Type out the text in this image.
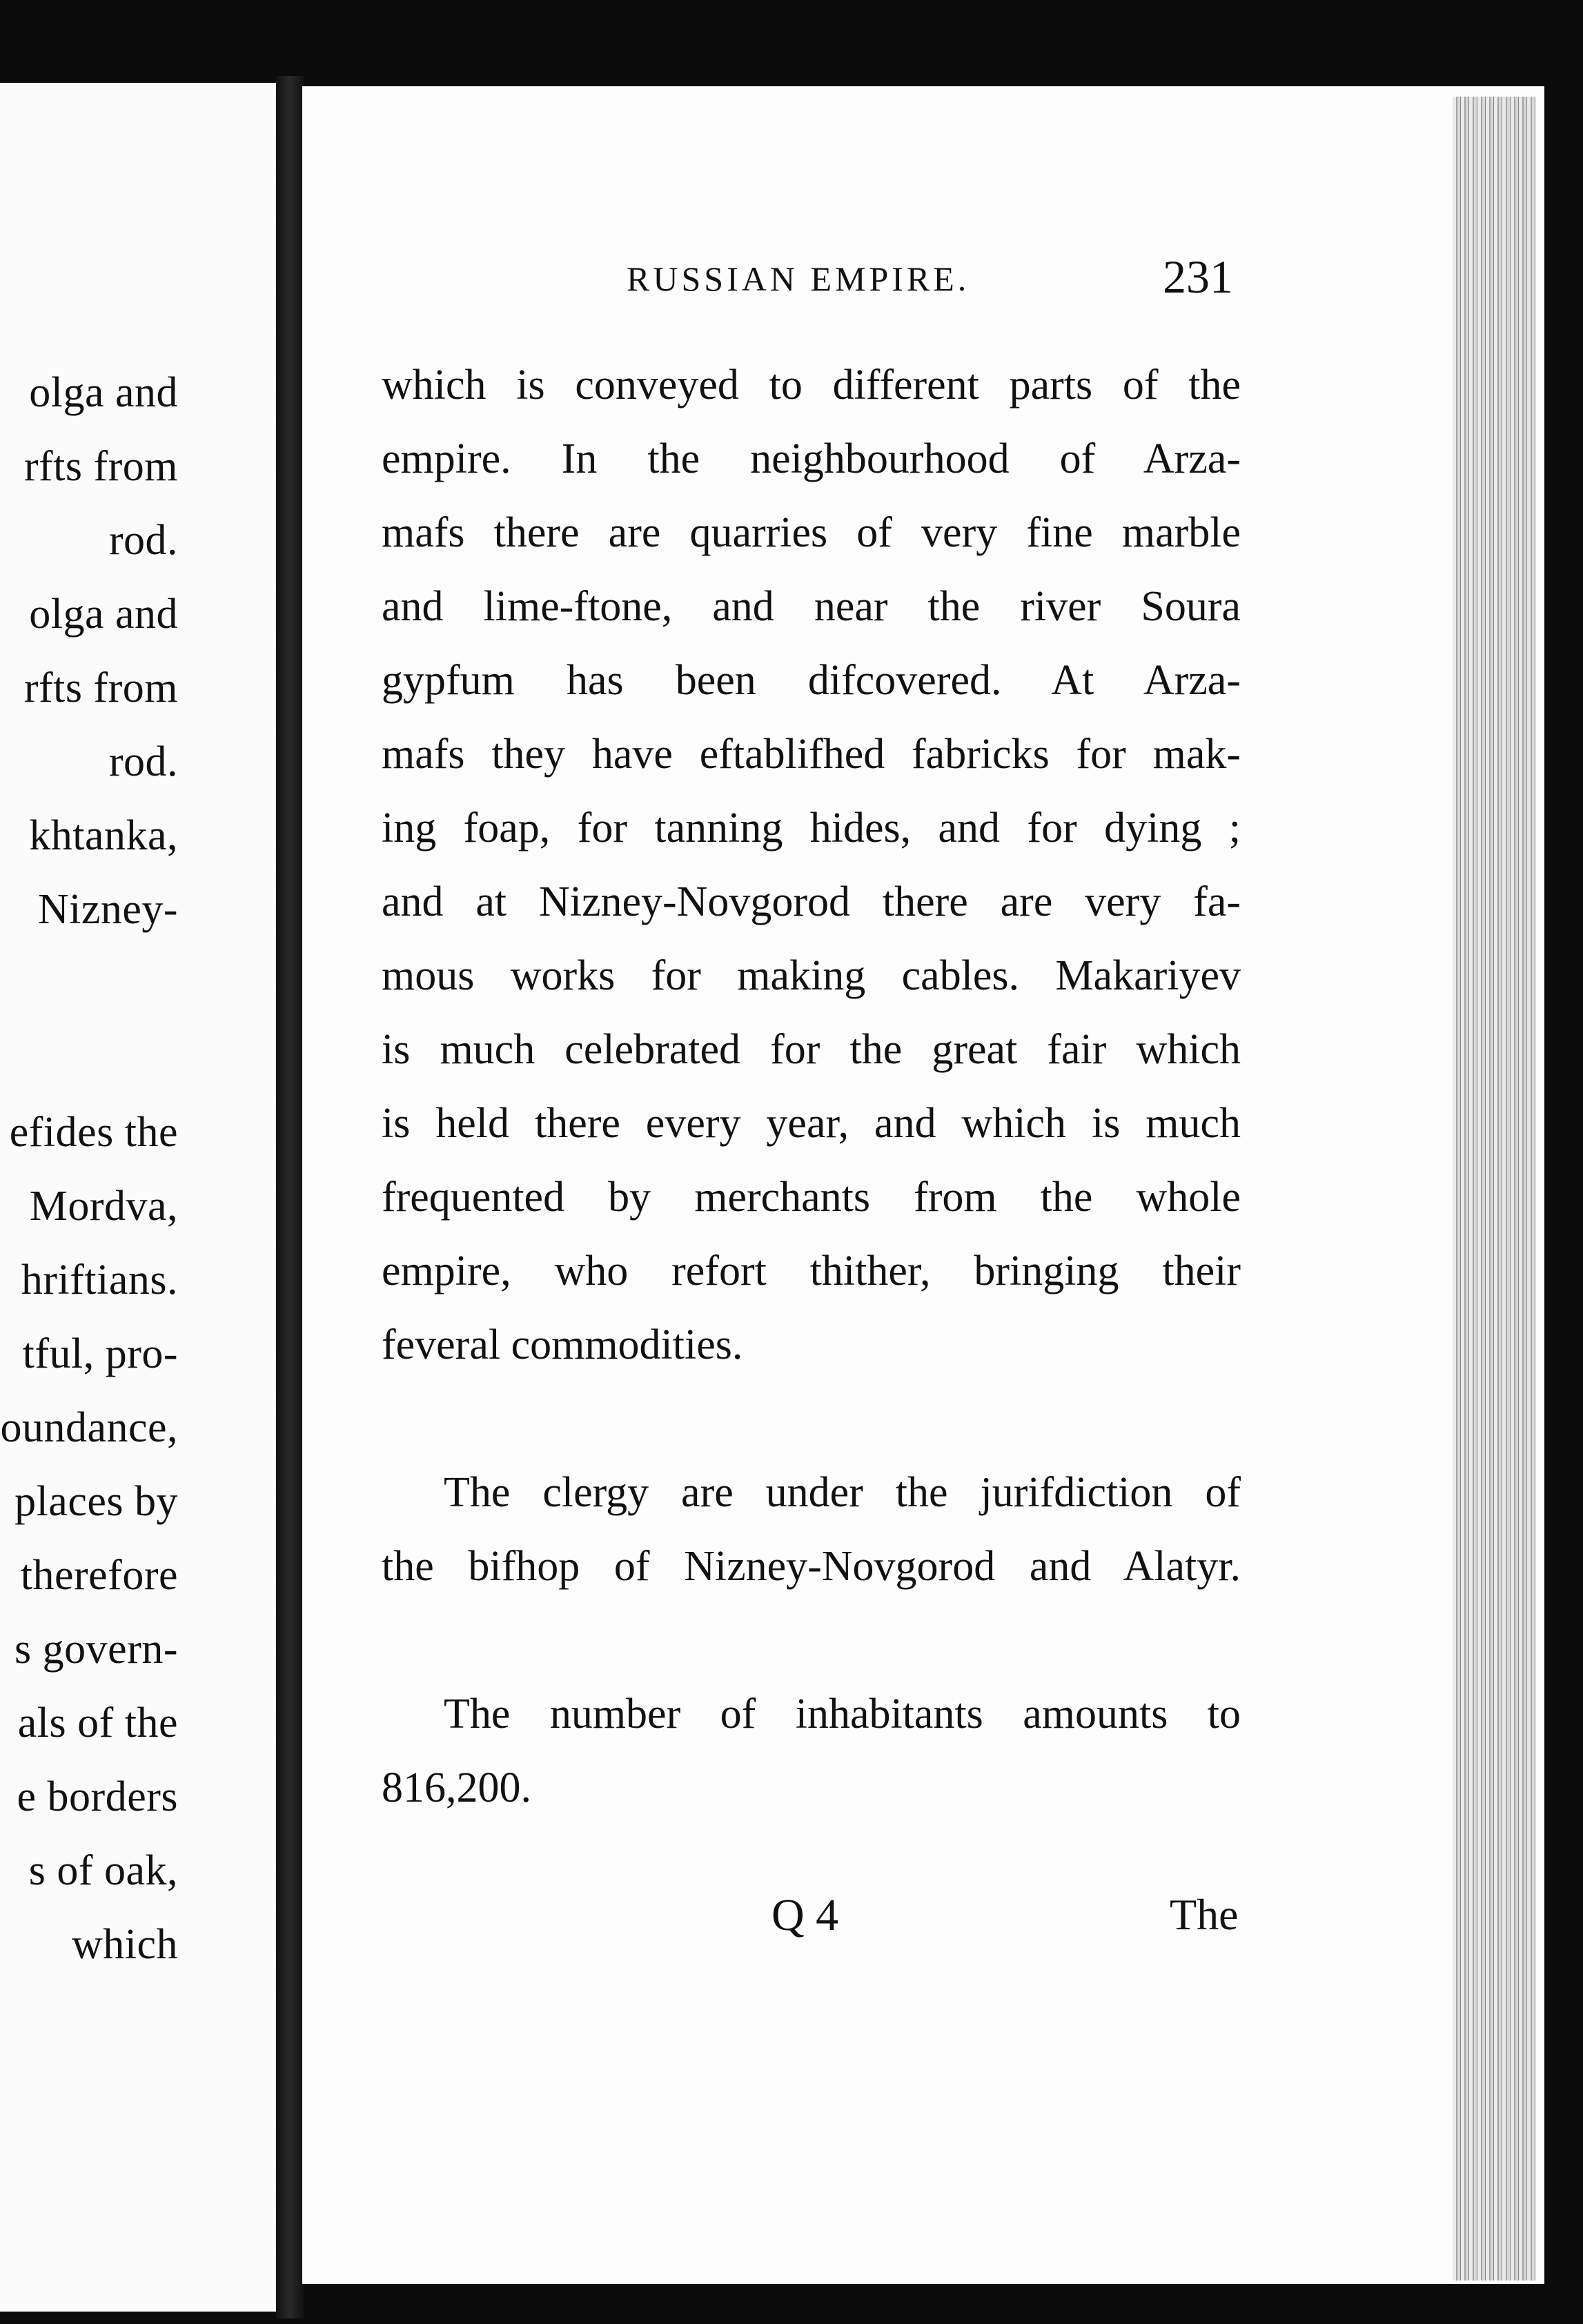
olga and
rfts from
rod.
olga and
rfts from
rod.
khtanka,
Nizney-
efides the
Mordva,
hriftians.
tful, pro-
oundance,
places by
therefore
s govern-
als of the
e borders
s of oak,
which
RUSSIAN EMPIRE.	231
which is conveyed to different parts of the
empire. In the neighbourhood of Arza-
mafs there are quarries of very fine marble
and lime-ftone, and near the river Soura
gypfum has been difcovered. At Arza-
mafs they have eftablifhed fabricks for mak-
ing foap, for tanning hides, and for dying ;
and at Nizney-Novgorod there are very fa-
mous works for making cables. Makariyev
is much celebrated for the great fair which
is held there every year, and which is much
frequented by merchants from the whole
empire, who refort thither, bringing their
feveral commodities.
The clergy are under the jurifdiction of
the bifhop of Nizney-Novgorod and Alatyr.
The number of inhabitants amounts to
816,200.
Q 4	The
